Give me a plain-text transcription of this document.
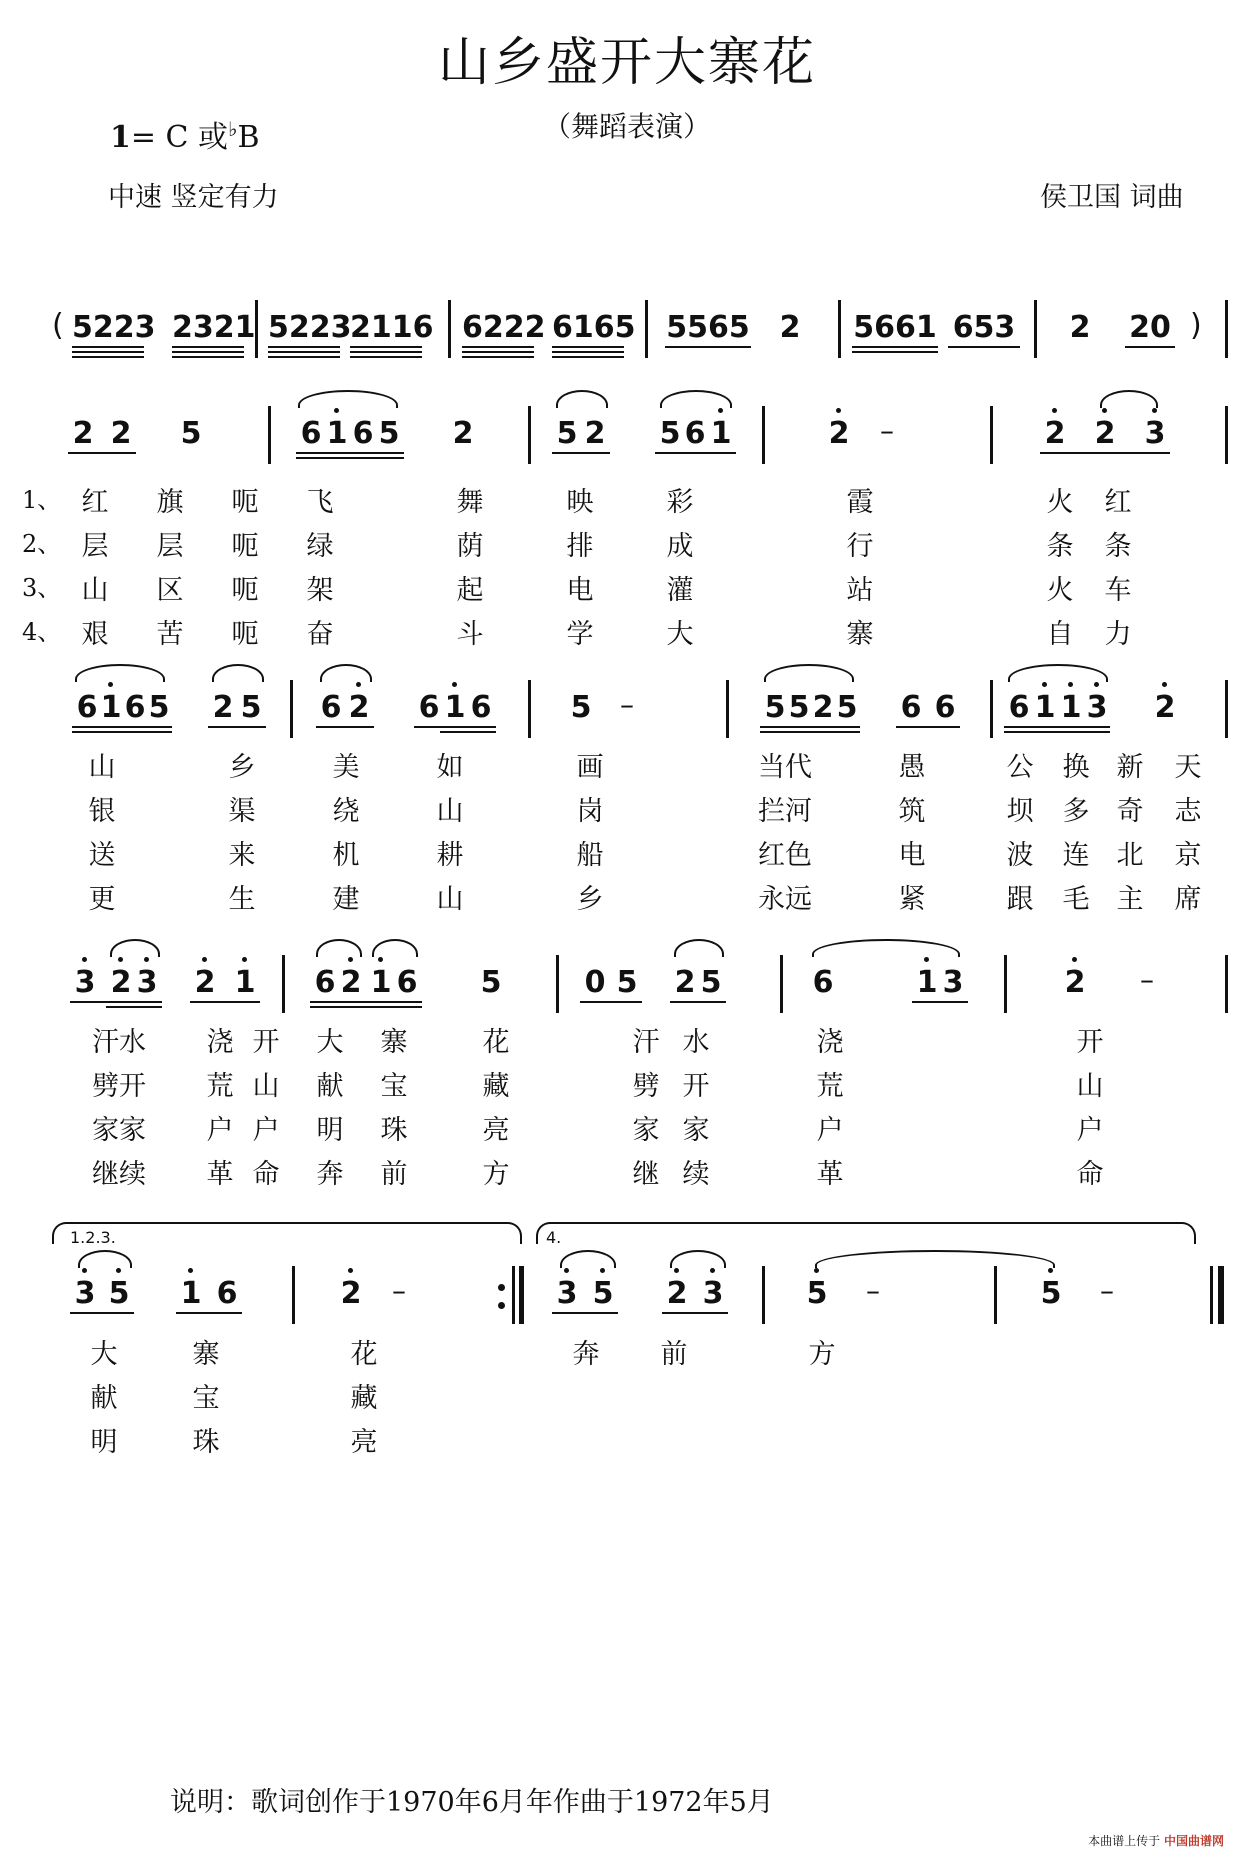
山乡盛开大寨花
（舞蹈表演）
1= C 或♭B
中速 竖定有力	侯卫国 词曲
( 5223 2321 5223
2116 6222 6165 5565 2 5661 653 2 20 )
2 2 5	6 1 6 5 2	5 2 5 6 1	2 –	2 2 3
1、 红 旗 呃 飞	舞	映	彩	霞	火 红
2、 层 层 呃 绿	荫	排	成	行	条 条
3、 山 区 呃 架	起	电	灌	站	火 车
4、 艰 苦 呃 奋	斗	学	大	寨	自 力
6 1 6 5 2 5 6 2 6 1 6	5 –	5 5 2 5 6 6 6 1 1 3 2
山	乡	美	如	画	当代	愚	公 换 新 天
银	渠	绕	山	岗	拦河	筑	坝 多 奇 志
送	来	机	耕	船	红色	电	波 连 北 京
更	生	建	山	乡	永远	紧	跟 毛 主 席
3 2 3 2 1 6 2 1 6 5	0 5 2 5	6	1 3	2 –
汗水 浇 开 大 寨	花	汗 水	浇	开
劈开 荒 山 献 宝	藏	劈 开	荒	山
家家 户 户 明 珠	亮	家 家	户	户
继续 革 命 奔 前	方	继 续	革	命
1.2.3.	4.
3 5 1 6	2 –	3 5 2 3	5 –	5 –
大	寨	花	奔 前	方
献	宝	藏
明	珠	亮
说明：歌词创作于1970年6月年作曲于1972年5月
本曲谱上传于 中国曲谱网
